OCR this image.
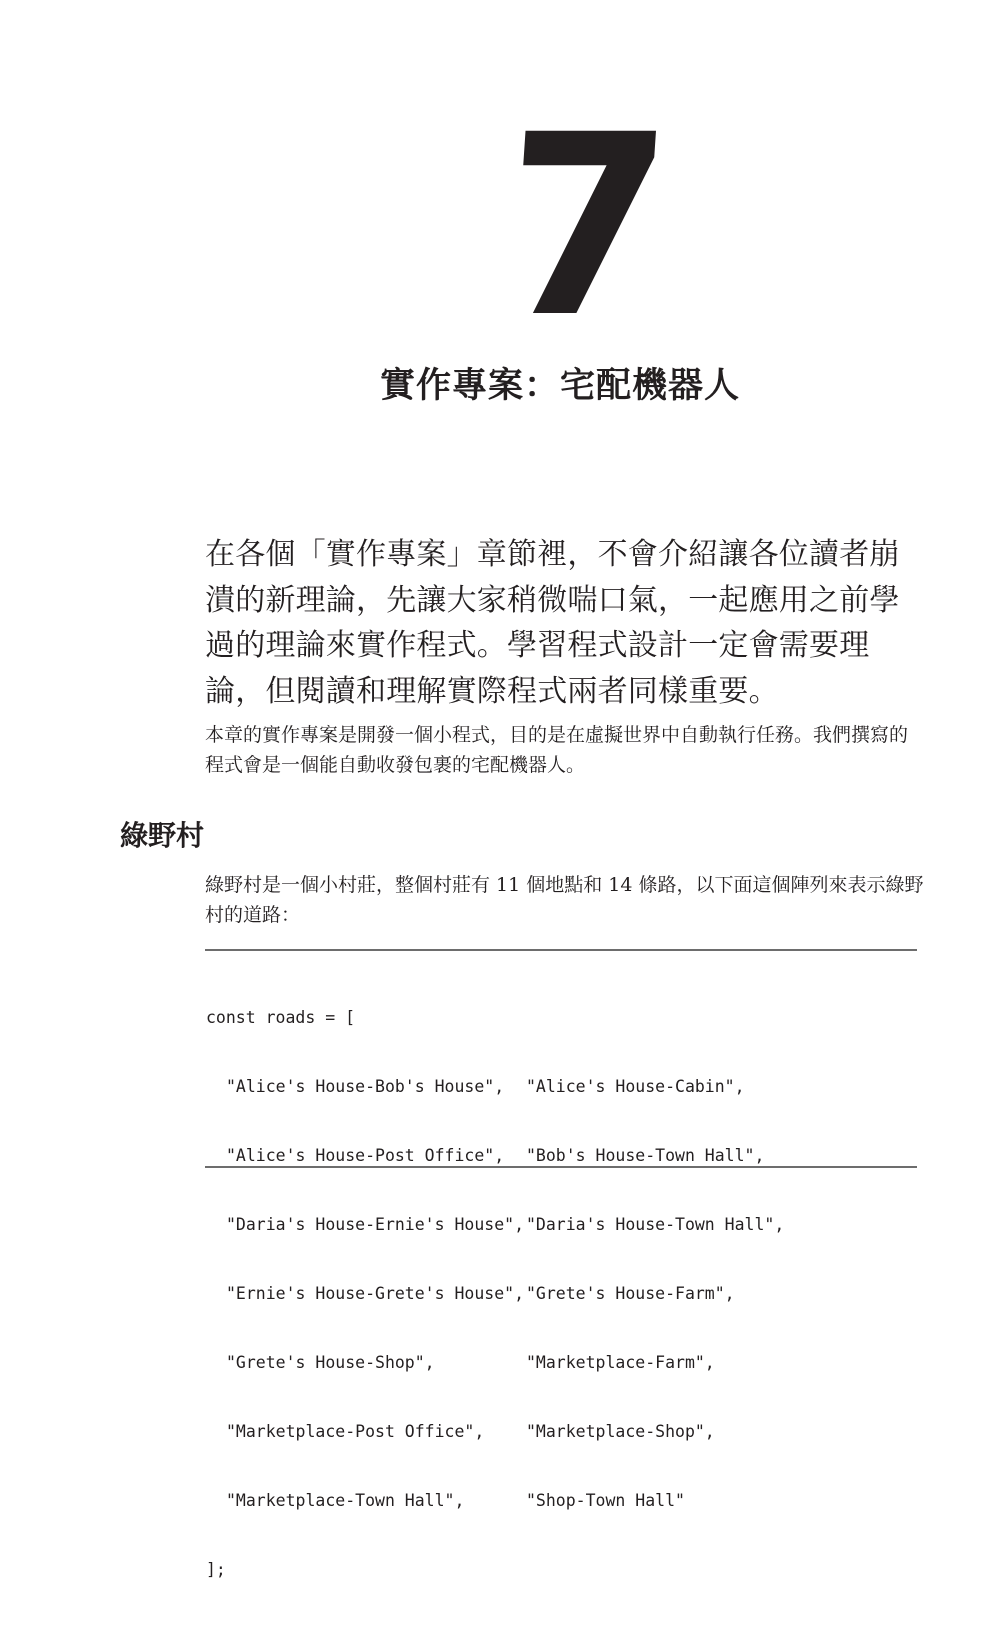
7
實作專案：宅配機器人

在各個「實作專案」章節裡，不會介紹讓各位讀者崩潰的新理論，先讓大家稍微喘口氣，一起應用之前學過的理論來實作程式。學習程式設計一定會需要理論，但閱讀和理解實際程式兩者同樣重要。

本章的實作專案是開發一個小程式，目的是在虛擬世界中自動執行任務。我們撰寫的程式會是一個能自動收發包裹的宅配機器人。

綠野村

綠野村是一個小村莊，整個村莊有 11 個地點和 14 條路，以下面這個陣列來表示綠野村的道路：

const roads = [

"Alice's House-Bob's House", "Alice's House-Cabin",

"Alice's House-Post Office", "Bob's House-Town Hall",

"Daria's House-Ernie's House", "Daria's House-Town Hall",

"Ernie's House-Grete's House", "Grete's House-Farm",

"Grete's House-Shop",	"Marketplace-Farm",

"Marketplace-Post Office",	"Marketplace-Shop",

"Marketplace-Town Hall",	"Shop-Town Hall"

];
